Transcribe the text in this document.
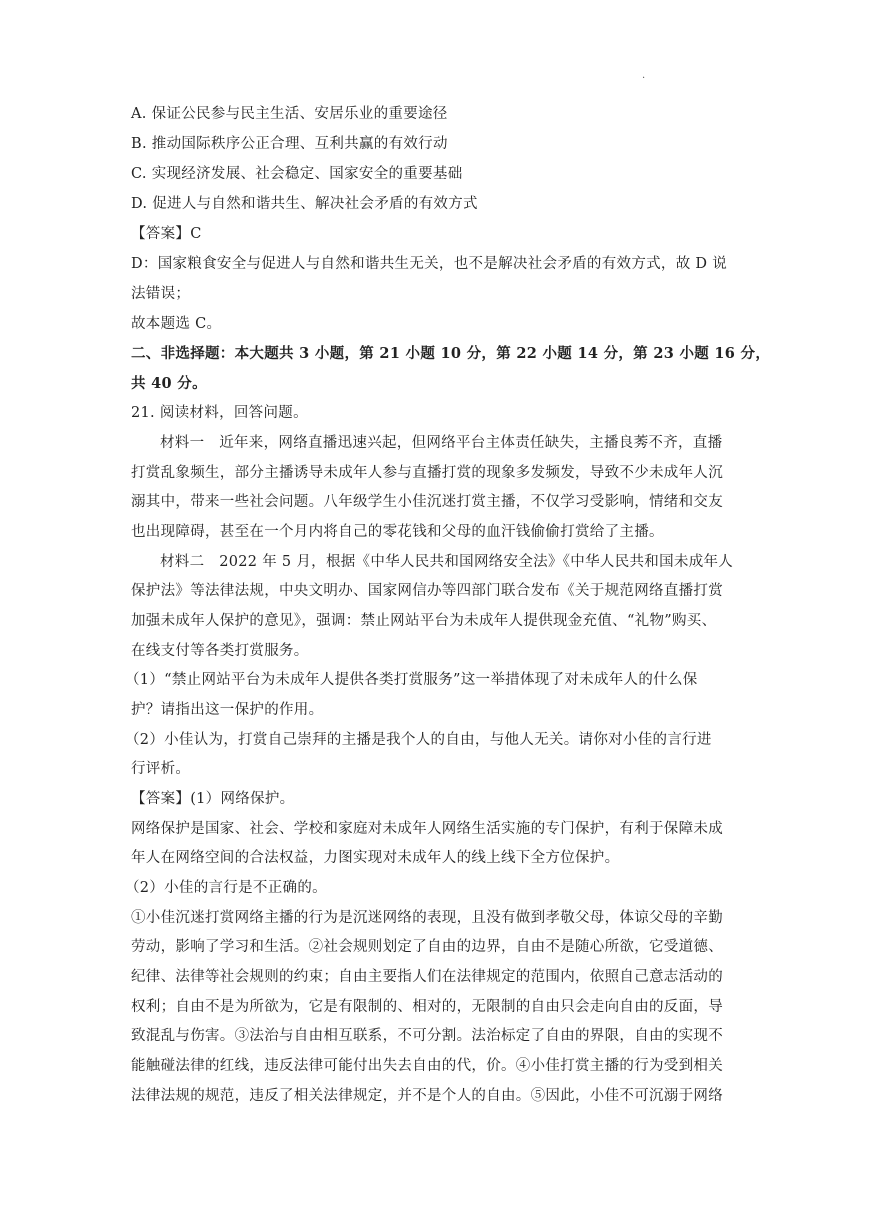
.
A. 保证公民参与民主生活、安居乐业的重要途径
B. 推动国际秩序公正合理、互利共赢的有效行动
C. 实现经济发展、社会稳定、国家安全的重要基础
D. 促进人与自然和谐共生、解决社会矛盾的有效方式
【答案】C
D：国家粮食安全与促进人与自然和谐共生无关，也不是解决社会矛盾的有效方式，故 D 说
法错误；
故本题选 C。
二、非选择题：本大题共 3 小题，第 21 小题 10 分，第 22 小题 14 分，第 23 小题 16 分，
共 40 分。
21. 阅读材料，回答问题。
材料一　近年来，网络直播迅速兴起，但网络平台主体责任缺失，主播良莠不齐，直播
打赏乱象频生，部分主播诱导未成年人参与直播打赏的现象多发频发，导致不少未成年人沉
溺其中，带来一些社会问题。八年级学生小佳沉迷打赏主播，不仅学习受影响，情绪和交友
也出现障碍，甚至在一个月内将自己的零花钱和父母的血汗钱偷偷打赏给了主播。
材料二　2022 年 5 月，根据《中华人民共和国网络安全法》《中华人民共和国未成年人
保护法》等法律法规，中央文明办、国家网信办等四部门联合发布《关于规范网络直播打赏
加强未成年人保护的意见》，强调：禁止网站平台为未成年人提供现金充值、“礼物”购买、
在线支付等各类打赏服务。
（1）“禁止网站平台为未成年人提供各类打赏服务”这一举措体现了对未成年人的什么保
护？请指出这一保护的作用。
（2）小佳认为，打赏自己崇拜的主播是我个人的自由，与他人无关。请你对小佳的言行进
行评析。
【答案】(1）网络保护。
网络保护是国家、社会、学校和家庭对未成年人网络生活实施的专门保护，有利于保障未成
年人在网络空间的合法权益，力图实现对未成年人的线上线下全方位保护。
（2）小佳的言行是不正确的。
①小佳沉迷打赏网络主播的行为是沉迷网络的表现，且没有做到孝敬父母，体谅父母的辛勤
劳动，影响了学习和生活。②社会规则划定了自由的边界，自由不是随心所欲，它受道德、
纪律、法律等社会规则的约束；自由主要指人们在法律规定的范围内，依照自己意志活动的
权利；自由不是为所欲为，它是有限制的、相对的，无限制的自由只会走向自由的反面，导
致混乱与伤害。③法治与自由相互联系，不可分割。法治标定了自由的界限，自由的实现不
能触碰法律的红线，违反法律可能付出失去自由的代，价。④小佳打赏主播的行为受到相关
法律法规的规范，违反了相关法律规定，并不是个人的自由。⑤因此，小佳不可沉溺于网络
